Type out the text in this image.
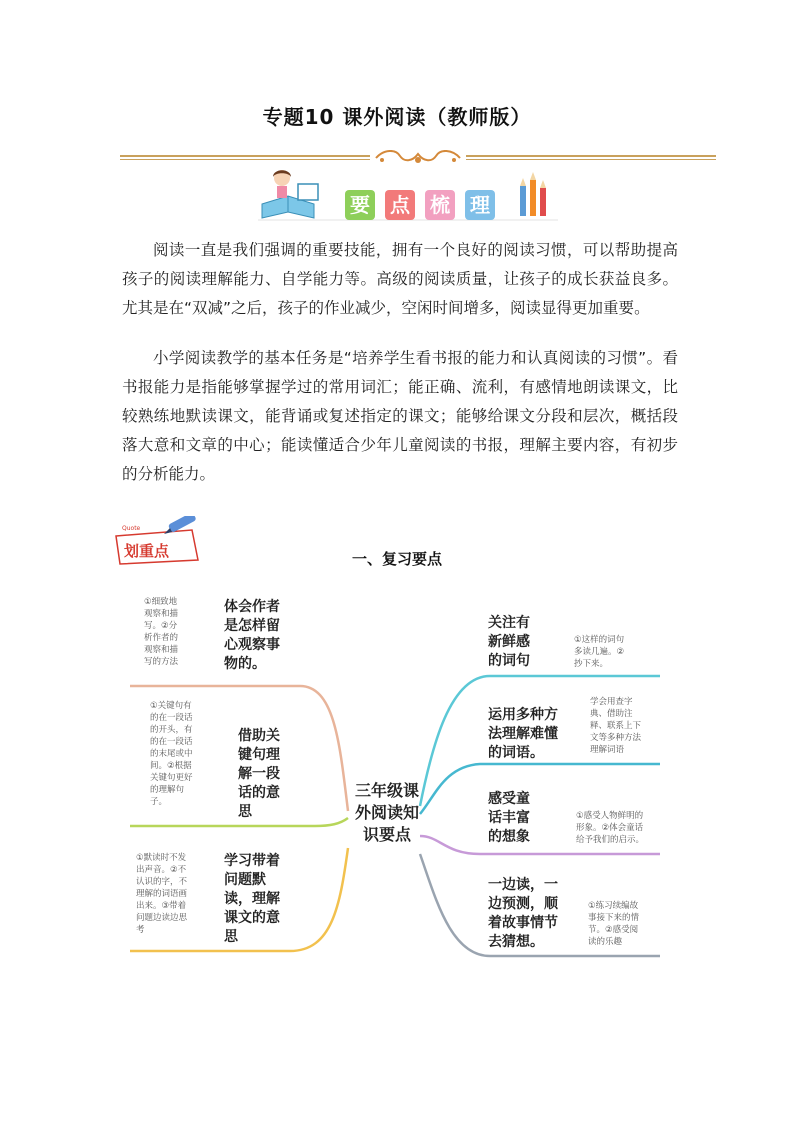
专题10 课外阅读（教师版）
要 点 梳 理

阅读一直是我们强调的重要技能，拥有一个良好的阅读习惯，可以帮助提高孩子的阅读理解能力、自学能力等。高级的阅读质量，让孩子的成长获益良多。尤其是在“双减”之后，孩子的作业减少，空闲时间增多，阅读显得更加重要。

小学阅读教学的基本任务是“培养学生看书报的能力和认真阅读的习惯”。看书报能力是指能够掌握学过的常用词汇；能正确、流利，有感情地朗读课文，比较熟练地默读课文，能背诵或复述指定的课文；能够给课文分段和层次，概括段落大意和文章的中心；能读懂适合少年儿童阅读的书报，理解主要内容，有初步的分析能力。

Quote
划重点	一、复习要点
三年级课
外阅读知
识要点
体会作者
是怎样留
心观察事
物的。
①细致地
观察和描
写。②分
析作者的
观察和描
写的方法
借助关
键句理
解一段
话的意
思
①关键句有
的在一段话
的开头，有
的在一段话
的末尾或中
间。②根据
关键句更好
的理解句
子。
学习带着
问题默
读，理解
课文的意
思
①默读时不发
出声音。②不
认识的字，不
理解的词语画
出来。③带着
问题边读边思
考
关注有
新鲜感
的词句
①这样的词句
多读几遍。②
抄下来。
运用多种方
法理解难懂
的词语。
学会用查字
典、借助注
释、联系上下
文等多种方法
理解词语
感受童
话丰富
的想象
①感受人物鲜明的
形象。②体会童话
给予我们的启示。
一边读，一
边预测，顺
着故事情节
去猜想。
①练习续编故
事接下来的情
节。②感受阅
读的乐趣
